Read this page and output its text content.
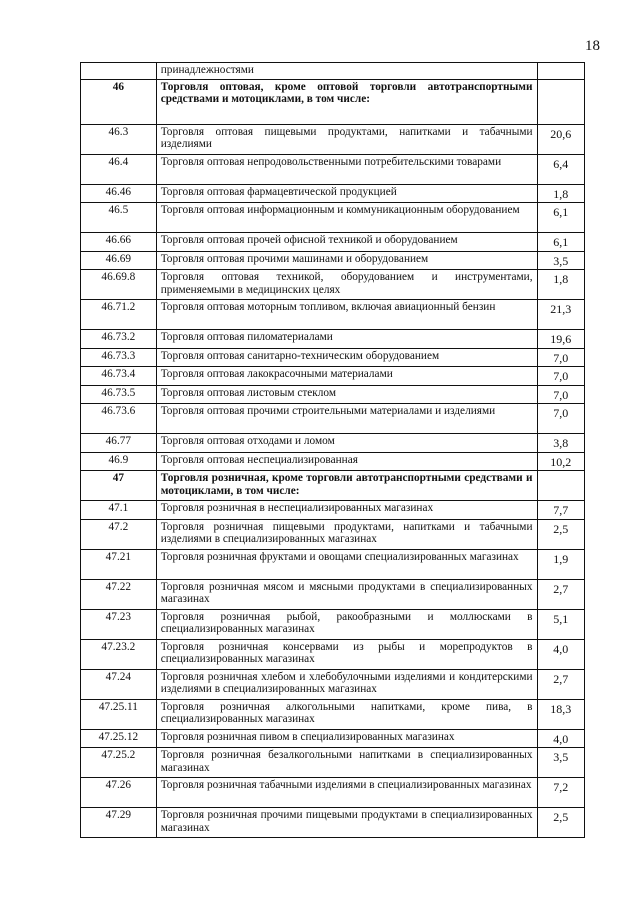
18
	принадлежностями	
46	Торговля оптовая, кроме оптовой торговли автотранспортными средствами и мотоциклами, в том числе:	
46.3	Торговля оптовая пищевыми продуктами, напитками и табачными изделиями	20,6
46.4	Торговля оптовая непродовольственными потребительскими товарами	6,4
46.46	Торговля оптовая фармацевтической продукцией	1,8
46.5	Торговля оптовая информационным и коммуникационным оборудованием	6,1
46.66	Торговля оптовая прочей офисной техникой и оборудованием	6,1
46.69	Торговля оптовая прочими машинами и оборудованием	3,5
46.69.8	Торговля оптовая техникой, оборудованием и инструментами, применяемыми в медицинских целях	1,8
46.71.2	Торговля оптовая моторным топливом, включая авиационный бензин	21,3
46.73.2	Торговля оптовая пиломатериалами	19,6
46.73.3	Торговля оптовая санитарно-техническим оборудованием	7,0
46.73.4	Торговля оптовая лакокрасочными материалами	7,0
46.73.5	Торговля оптовая листовым стеклом	7,0
46.73.6	Торговля оптовая прочими строительными материалами и изделиями	7,0
46.77	Торговля оптовая отходами и ломом	3,8
46.9	Торговля оптовая неспециализированная	10,2
47	Торговля розничная, кроме торговли автотранспортными средствами и мотоциклами, в том числе:	
47.1	Торговля розничная в неспециализированных магазинах	7,7
47.2	Торговля розничная пищевыми продуктами, напитками и табачными изделиями в специализированных магазинах	2,5
47.21	Торговля розничная фруктами и овощами специализированных магазинах	1,9
47.22	Торговля розничная мясом и мясными продуктами в специализированных магазинах	2,7
47.23	Торговля розничная рыбой, ракообразными и моллюсками в специализированных магазинах	5,1
47.23.2	Торговля розничная консервами из рыбы и морепродуктов в специализированных магазинах	4,0
47.24	Торговля розничная хлебом и хлебобулочными изделиями и кондитерскими изделиями в специализированных магазинах	2,7
47.25.11	Торговля розничная алкогольными напитками, кроме пива, в специализированных магазинах	18,3
47.25.12	Торговля розничная пивом в специализированных магазинах	4,0
47.25.2	Торговля розничная безалкогольными напитками в специализированных магазинах	3,5
47.26	Торговля розничная табачными изделиями в специализированных магазинах	7,2
47.29	Торговля розничная прочими пищевыми продуктами в специализированных магазинах	2,5
